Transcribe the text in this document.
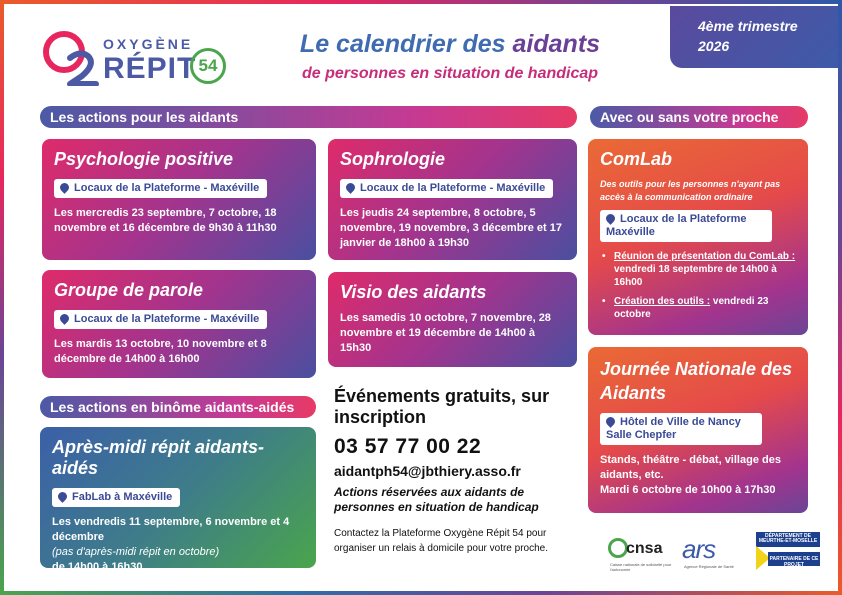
OXYGÈNE
RÉPIT 54
Le calendrier des aidants
de personnes en situation de handicap
4ème trimestre
2026
Les actions pour les aidants	Avec ou sans votre proche
Les actions en binôme aidants-aidés
Psychologie positive
Locaux de la Plateforme - Maxéville

Les mercredis 23 septembre, 7 octobre, 18 novembre et 16 décembre de 9h30 à 11h30

Sophrologie
Locaux de la Plateforme - Maxéville

Les jeudis 24 septembre, 8 octobre, 5 novembre, 19 novembre, 3 décembre et 17 janvier de 18h00 à 19h30

Groupe de parole
Locaux de la Plateforme - Maxéville

Les mardis 13 octobre, 10 novembre et 8 décembre de 14h00 à 16h00

Visio des aidants

Les samedis 10 octobre, 7 novembre, 28 novembre et 19 décembre de 14h00 à 15h30

Après-midi répit aidants-aidés
FabLab à Maxéville

Les vendredis 11 septembre, 6 novembre et 4 décembre

(pas d'après-midi répit en octobre)

de 14h00 à 16h30

Événements gratuits, sur inscription
03 57 77 00 22
aidantph54@jbthiery.asso.fr
Actions réservées aux aidants de personnes en situation de handicap
Contactez la Plateforme Oxygène Répit 54 pour organiser un relais à domicile pour votre proche.
ComLab
Des outils pour les personnes n'ayant pas accès à la communication ordinaire
Locaux de la Plateforme Maxéville
• Réunion de présentation du ComLab : vendredi 18 septembre de 14h00 à 16h00
• Création des outils : vendredi 23 octobre
Journée Nationale des Aidants
Hôtel de Ville de Nancy Salle Chepfer

Stands, théâtre - débat, village des aidants, etc.

Mardi 6 octobre de 10h00 à 17h30

cnsa
Caisse nationale de solidarité pour l'autonomie
ars
Agence Régionale de Santé
DÉPARTEMENT DE MEURTHE-ET-MOSELLE
PARTENAIRE DE CE PROJET
